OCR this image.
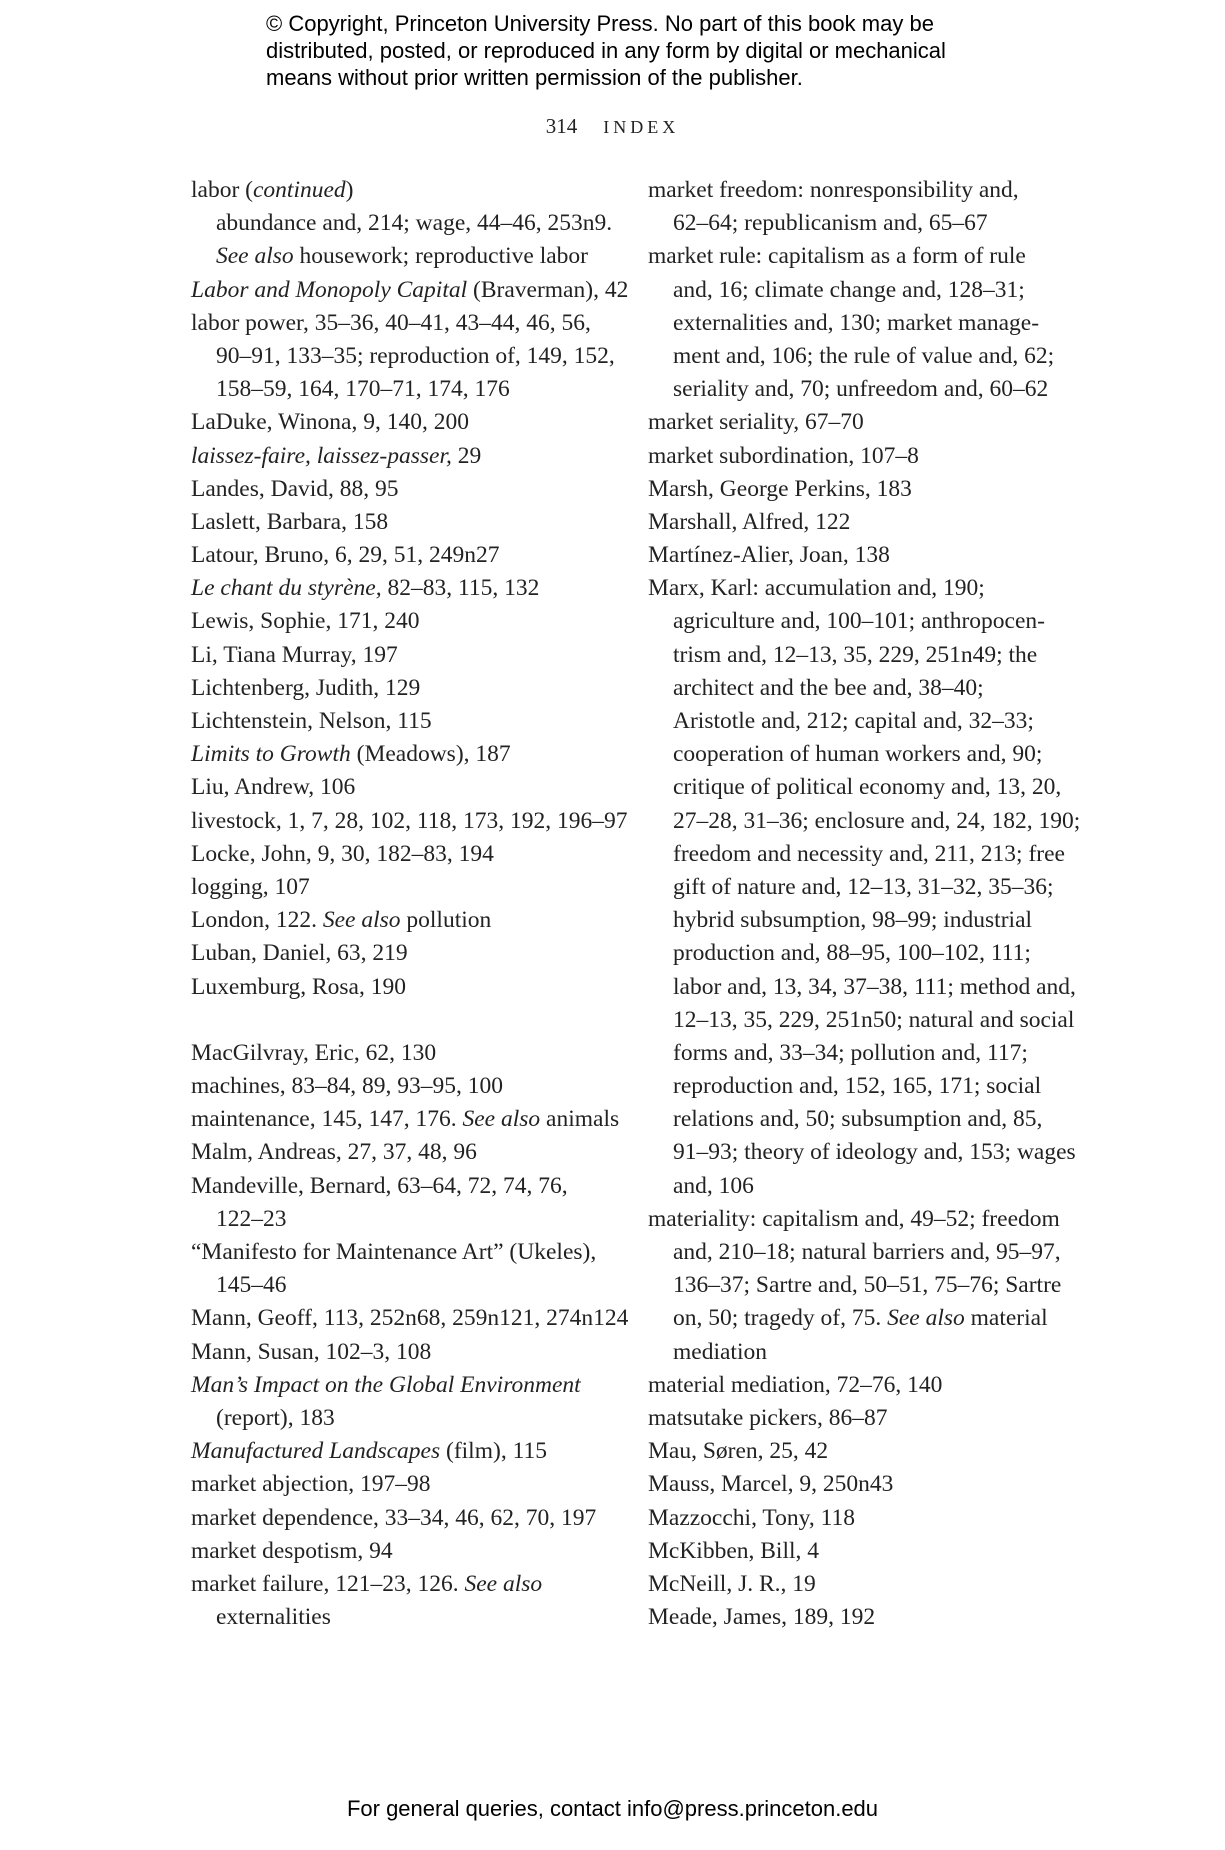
© Copyright, Princeton University Press. No part of this book may be
distributed, posted, or reproduced in any form by digital or mechanical
means without prior written permission of the publisher.
314 INDEX
labor (continued)
abundance and, 214; wage, 44–46, 253n9.
See also housework; reproductive labor
Labor and Monopoly Capital (Braverman), 42
labor power, 35–36, 40–41, 43–44, 46, 56,
90–91, 133–35; reproduction of, 149, 152,
158–59, 164, 170–71, 174, 176
LaDuke, Winona, 9, 140, 200
laissez-faire, laissez-passer, 29
Landes, David, 88, 95
Laslett, Barbara, 158
Latour, Bruno, 6, 29, 51, 249n27
Le chant du styrène, 82–83, 115, 132
Lewis, Sophie, 171, 240
Li, Tiana Murray, 197
Lichtenberg, Judith, 129
Lichtenstein, Nelson, 115
Limits to Growth (Meadows), 187
Liu, Andrew, 106
livestock, 1, 7, 28, 102, 118, 173, 192, 196–97
Locke, John, 9, 30, 182–83, 194
logging, 107
London, 122. See also pollution
Luban, Daniel, 63, 219
Luxemburg, Rosa, 190
MacGilvray, Eric, 62, 130
machines, 83–84, 89, 93–95, 100
maintenance, 145, 147, 176. See also animals
Malm, Andreas, 27, 37, 48, 96
Mandeville, Bernard, 63–64, 72, 74, 76,
122–23
“Manifesto for Maintenance Art” (Ukeles),
145–46
Mann, Geoff, 113, 252n68, 259n121, 274n124
Mann, Susan, 102–3, 108
Man’s Impact on the Global Environment
(report), 183
Manufactured Landscapes (film), 115
market abjection, 197–98
market dependence, 33–34, 46, 62, 70, 197
market despotism, 94
market failure, 121–23, 126. See also
externalities
market freedom: nonresponsibility and,
62–64; republicanism and, 65–67
market rule: capitalism as a form of rule
and, 16; climate change and, 128–31;
externalities and, 130; market manage-
ment and, 106; the rule of value and, 62;
seriality and, 70; unfreedom and, 60–62
market seriality, 67–70
market subordination, 107–8
Marsh, George Perkins, 183
Marshall, Alfred, 122
Martínez-Alier, Joan, 138
Marx, Karl: accumulation and, 190;
agriculture and, 100–101; anthropocen-
trism and, 12–13, 35, 229, 251n49; the
architect and the bee and, 38–40;
Aristotle and, 212; capital and, 32–33;
cooperation of human workers and, 90;
critique of political economy and, 13, 20,
27–28, 31–36; enclosure and, 24, 182, 190;
freedom and necessity and, 211, 213; free
gift of nature and, 12–13, 31–32, 35–36;
hybrid subsumption, 98–99; industrial
production and, 88–95, 100–102, 111;
labor and, 13, 34, 37–38, 111; method and,
12–13, 35, 229, 251n50; natural and social
forms and, 33–34; pollution and, 117;
reproduction and, 152, 165, 171; social
relations and, 50; subsumption and, 85,
91–93; theory of ideology and, 153; wages
and, 106
materiality: capitalism and, 49–52; freedom
and, 210–18; natural barriers and, 95–97,
136–37; Sartre and, 50–51, 75–76; Sartre
on, 50; tragedy of, 75. See also material
mediation
material mediation, 72–76, 140
matsutake pickers, 86–87
Mau, Søren, 25, 42
Mauss, Marcel, 9, 250n43
Mazzocchi, Tony, 118
McKibben, Bill, 4
McNeill, J. R., 19
Meade, James, 189, 192
For general queries, contact info@press.princeton.edu
